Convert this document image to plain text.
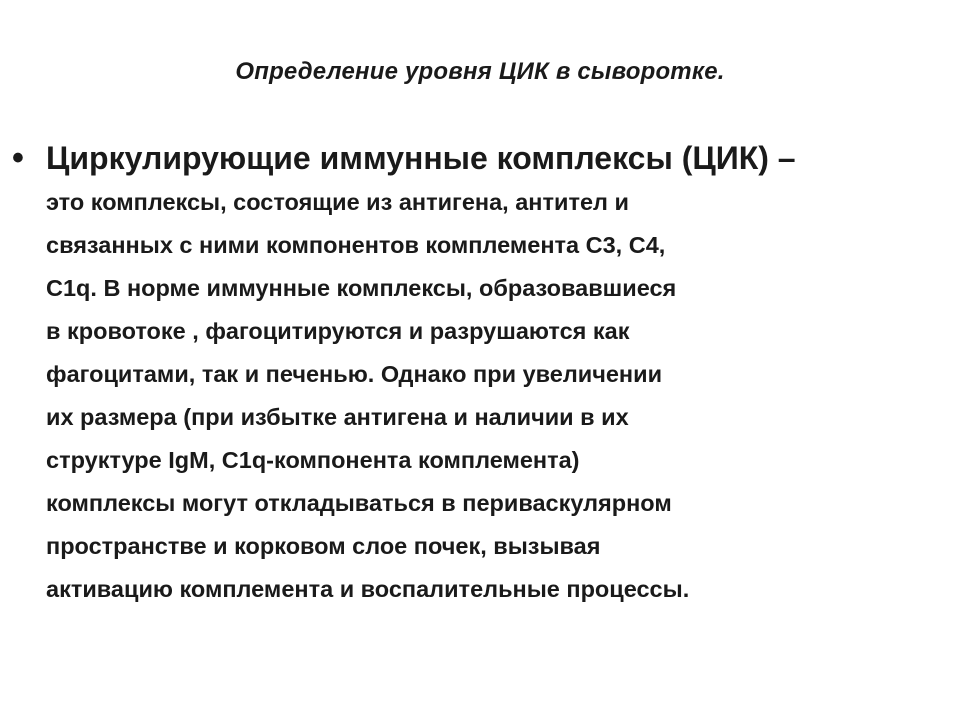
Определение уровня ЦИК в сыворотке.
• Циркулирующие иммунные комплексы (ЦИК) –
это комплексы, состоящие из антигена, антител и
связанных с ними компонентов комплемента С3, С4,
С1q. В норме иммунные комплексы, образовавшиеся
в кровотоке , фагоцитируются и разрушаются как
фагоцитами, так и печенью. Однако при увеличении
их размера (при избытке антигена и наличии в их
структуре IgM, C1q-компонента комплемента)
комплексы могут откладываться в периваскулярном
пространстве и корковом слое почек, вызывая
активацию комплемента и воспалительные процессы.
